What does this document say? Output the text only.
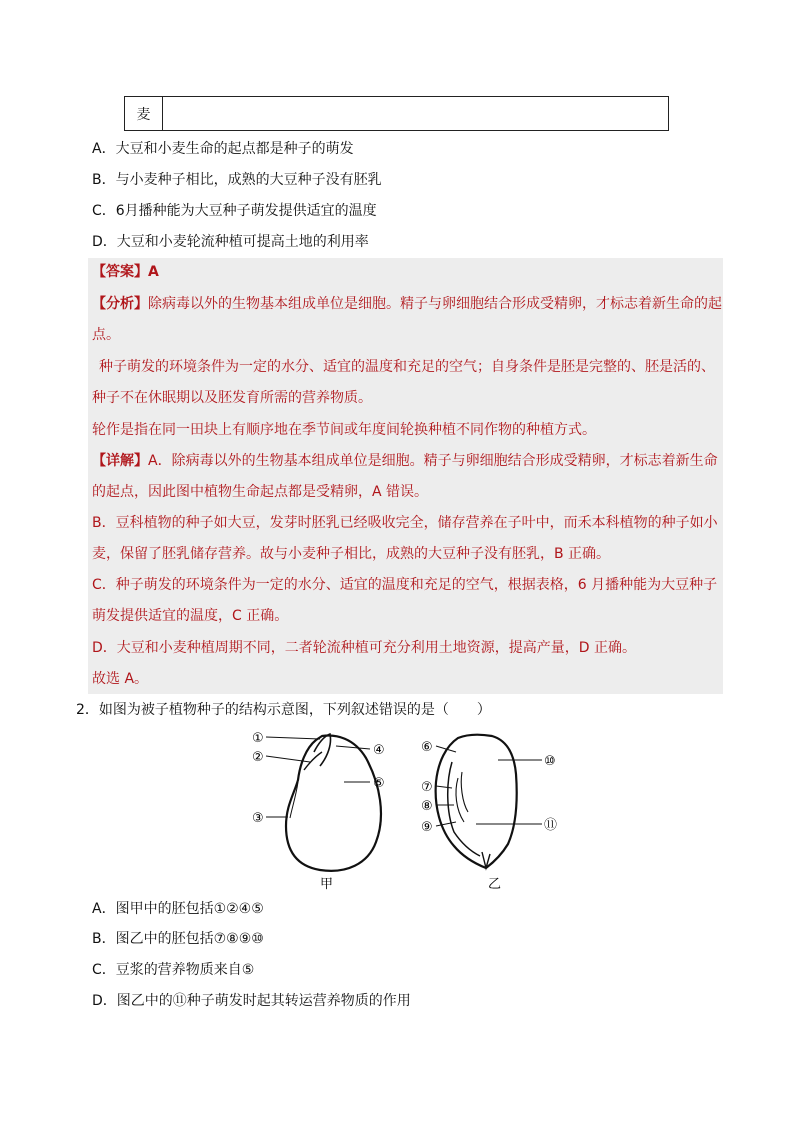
麦
A．大豆和小麦生命的起点都是种子的萌发
B．与小麦种子相比，成熟的大豆种子没有胚乳
C．6月播种能为大豆种子萌发提供适宜的温度
D．大豆和小麦轮流种植可提高土地的利用率
【答案】A
【分析】除病毒以外的生物基本组成单位是细胞。精子与卵细胞结合形成受精卵，才标志着新生命的起
点。
种子萌发的环境条件为一定的水分、适宜的温度和充足的空气；自身条件是胚是完整的、胚是活的、
种子不在休眠期以及胚发育所需的营养物质。
轮作是指在同一田块上有顺序地在季节间或年度间轮换种植不同作物的种植方式。
【详解】A．除病毒以外的生物基本组成单位是细胞。精子与卵细胞结合形成受精卵，才标志着新生命
的起点，因此图中植物生命起点都是受精卵，A 错误。
B．豆科植物的种子如大豆，发芽时胚乳已经吸收完全，储存营养在子叶中，而禾本科植物的种子如小
麦，保留了胚乳储存营养。故与小麦种子相比，成熟的大豆种子没有胚乳，B 正确。
C．种子萌发的环境条件为一定的水分、适宜的温度和充足的空气，根据表格，6 月播种能为大豆种子
萌发提供适宜的温度，C 正确。
D．大豆和小麦种植周期不同，二者轮流种植可充分利用土地资源，提高产量，D 正确。
故选 A。
2．如图为被子植物种子的结构示意图，下列叙述错误的是（　　）
①
②
③
④
⑤
甲
⑥
⑦
⑧
⑨
⑩
⑪
乙
A．图甲中的胚包括①②④⑤
B．图乙中的胚包括⑦⑧⑨⑩
C．豆浆的营养物质来自⑤
D．图乙中的⑪种子萌发时起其转运营养物质的作用
